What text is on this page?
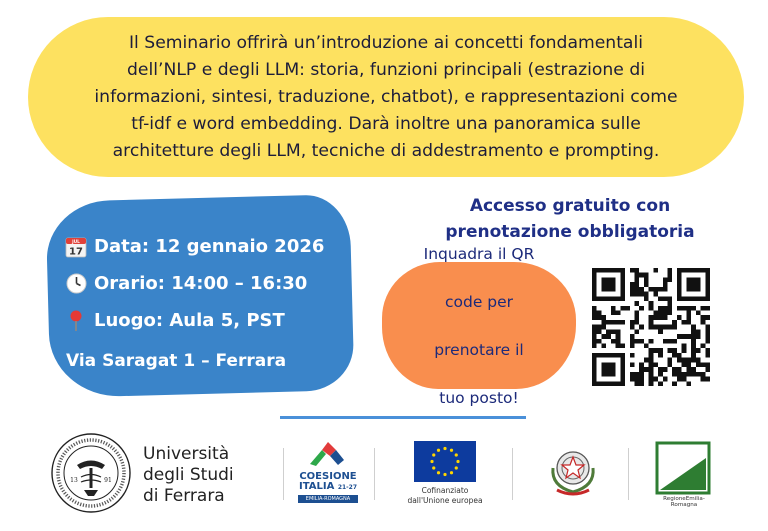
Il Seminario offrirà un’introduzione ai concetti fondamentali
dell’NLP e degli LLM: storia, funzioni principali (estrazione di
informazioni, sintesi, traduzione, chatbot), e rappresentazioni come
tf-idf e word embedding. Darà inoltre una panoramica sulle
architetture degli LLM, tecniche di addestramento e prompting.

JUL
17 Data: 12 gennaio 2026
Orario: 14:00 – 16:30
Luogo: Aula 5, PST
Via Saragat 1 – Ferrara
Accesso gratuito con
prenotazione obbligatoria
Inquadra il QR

code per

prenotare il

tuo posto!
13	91
Università
degli Studi
di Ferrara
COESIONE
ITALIA 21-27
EMILIA-ROMAGNA
Cofinanziato
dall'Unione europea	RegioneEmilia-Romagna
